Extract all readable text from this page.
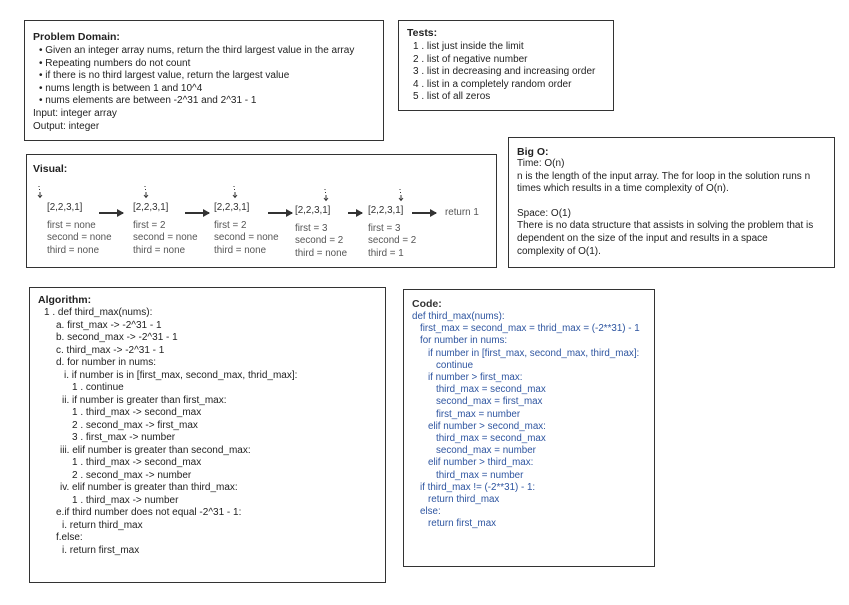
Problem Domain:
• Given an integer array nums, return the third largest value in the array
• Repeating numbers do not count
• if there is no third largest value, return the largest value
• nums length is between 1 and 10^4
• nums elements are between -2^31 and 2^31 - 1
Input: integer array
Output: integer
Tests:
1 . list just inside the limit
2 . list of negative number
3 . list in decreasing and increasing order
4 . list in a completely random order
5 . list of all zeros
Big O:
Time: O(n)
n is the length of the input array. The for loop in the solution runs n
times which results in a time complexity of O(n).
Space: O(1)
There is no data structure that assists in solving the problem that is
dependent on the size of the input and results in a space
complexity of O(1).
Visual:
[2,2,3,1]
first = none
second = none
third = none
[2,2,3,1]
first = 2
second = none
third = none
[2,2,3,1]
first = 2
second = none
third = none
[2,2,3,1]
first = 3
second = 2
third = none
[2,2,3,1]
first = 3
second = 2
third = 1
return 1
Algorithm:
1 . def third_max(nums):
a. first_max -> -2^31 - 1
b. second_max -> -2^31 - 1
c. third_max -> -2^31 - 1
d. for number in nums:
i. if number is in [first_max, second_max, thrid_max]:
1 . continue
ii. if number is greater than first_max:
1 . third_max -> second_max
2 . second_max -> first_max
3 . first_max -> number
iii. elif number is greater than second_max:
1 . third_max -> second_max
2 . second_max -> number
iv. elif number is greater than third_max:
1 . third_max -> number
e.if third number does not equal -2^31 - 1:
i. return third_max
f.else:
i. return first_max
Code:
def third_max(nums):
first_max = second_max = thrid_max = (-2**31) - 1
for number in nums:
if number in [first_max, second_max, third_max]:
continue
if number > first_max:
third_max = second_max
second_max = first_max
first_max = number
elif number > second_max:
third_max = second_max
second_max = number
elif number > third_max:
third_max = number
if third_max != (-2**31) - 1:
return third_max
else:
return first_max
